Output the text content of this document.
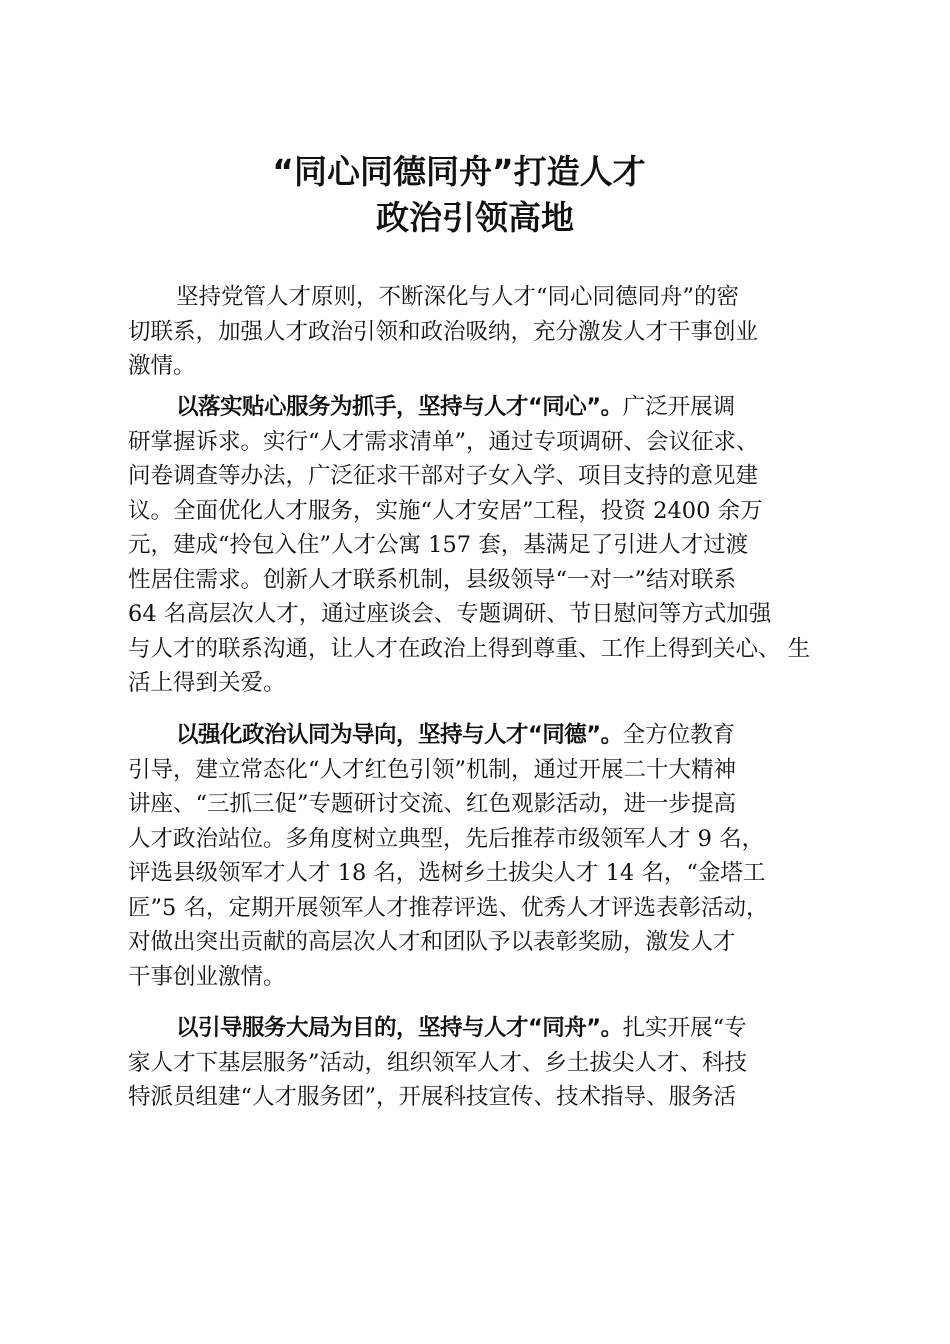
“同心同德同舟”打造人才
政治引领高地
坚持党管人才原则，不断深化与人才“同心同德同舟”的密
切联系，加强人才政治引领和政治吸纳，充分激发人才干事创业
激情。
以落实贴心服务为抓手，坚持与人才“同心”。广泛开展调
研掌握诉求。实行“人才需求清单”，通过专项调研、会议征求、
问卷调查等办法，广泛征求干部对子女入学、项目支持的意见建
议。全面优化人才服务，实施“人才安居”工程，投资 2400 余万
元，建成“拎包入住”人才公寓 157 套，基满足了引进人才过渡
性居住需求。创新人才联系机制，县级领导“一对一”结对联系
64 名高层次人才，通过座谈会、专题调研、节日慰问等方式加强
与人才的联系沟通，让人才在政治上得到尊重、工作上得到关心、 生
活上得到关爱。
以强化政治认同为导向，坚持与人才“同德”。全方位教育
引导，建立常态化“人才红色引领”机制，通过开展二十大精神
讲座、“三抓三促”专题研讨交流、红色观影活动，进一步提高
人才政治站位。多角度树立典型，先后推荐市级领军人才 9 名，
评选县级领军才人才 18 名，选树乡土拔尖人才 14 名，“金塔工
匠”5 名，定期开展领军人才推荐评选、优秀人才评选表彰活动，
对做出突出贡献的高层次人才和团队予以表彰奖励，激发人才
干事创业激情。
以引导服务大局为目的，坚持与人才“同舟”。扎实开展“专
家人才下基层服务”活动，组织领军人才、乡土拔尖人才、科技
特派员组建“人才服务团”，开展科技宣传、技术指导、服务活
